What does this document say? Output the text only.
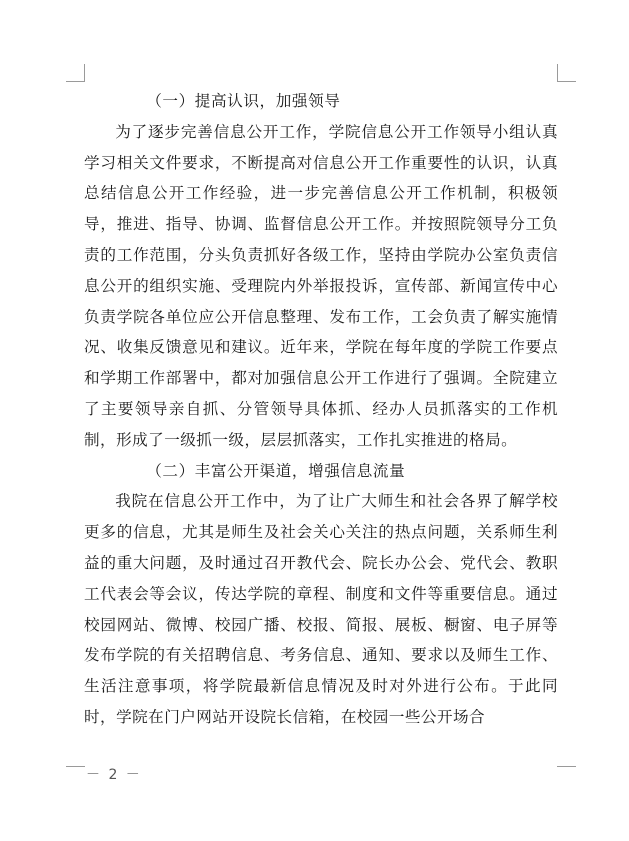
（一）提高认识，加强领导

为了逐步完善信息公开工作，学院信息公开工作领导小组认真学习相关文件要求，不断提高对信息公开工作重要性的认识，认真总结信息公开工作经验，进一步完善信息公开工作机制，积极领导，推进、指导、协调、监督信息公开工作。并按照院领导分工负责的工作范围，分头负责抓好各级工作，坚持由学院办公室负责信息公开的组织实施、受理院内外举报投诉，宣传部、新闻宣传中心负责学院各单位应公开信息整理、发布工作，工会负责了解实施情况、收集反馈意见和建议。近年来，学院在每年度的学院工作要点和学期工作部署中，都对加强信息公开工作进行了强调。全院建立了主要领导亲自抓、分管领导具体抓、经办人员抓落实的工作机制，形成了一级抓一级，层层抓落实，工作扎实推进的格局。

（二）丰富公开渠道，增强信息流量

我院在信息公开工作中，为了让广大师生和社会各界了解学校更多的信息，尤其是师生及社会关心关注的热点问题，关系师生利益的重大问题，及时通过召开教代会、院长办公会、党代会、教职工代表会等会议，传达学院的章程、制度和文件等重要信息。通过校园网站、微博、校园广播、校报、简报、展板、橱窗、电子屏等发布学院的有关招聘信息、考务信息、通知、要求以及师生工作、生活注意事项，将学院最新信息情况及时对外进行公布。于此同时，学院在门户网站开设院长信箱，在校园一些公开场合

－ 2 －
